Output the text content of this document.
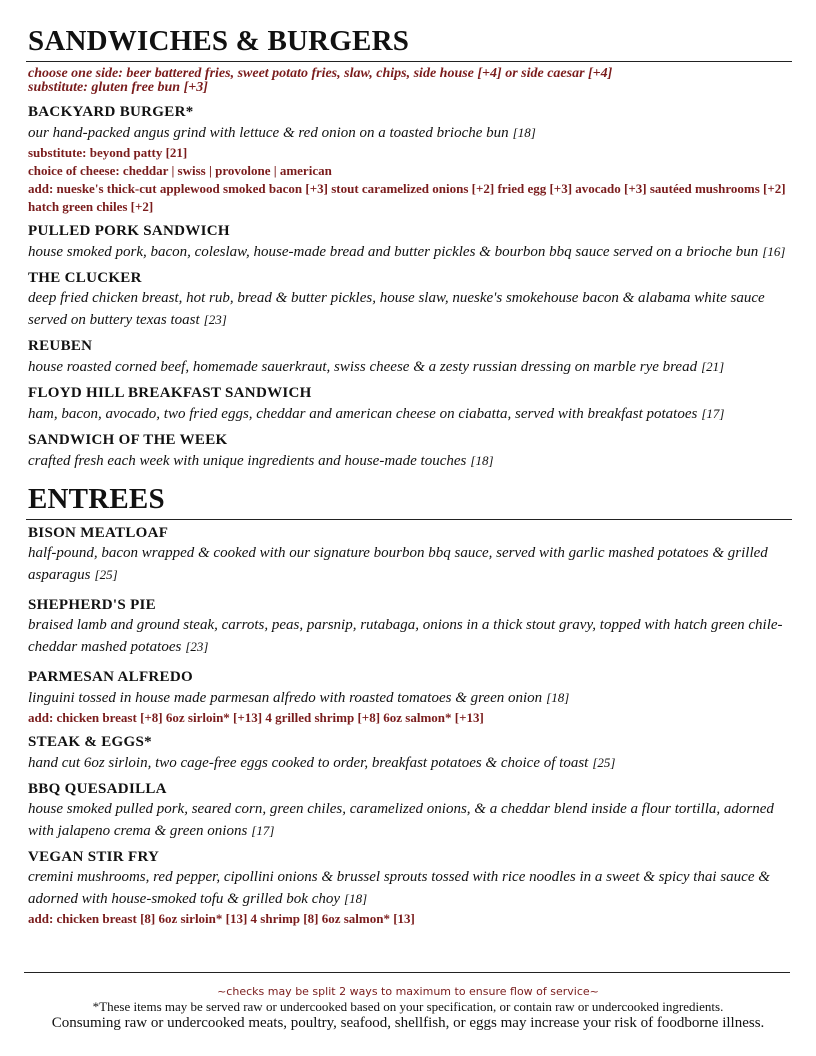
SANDWICHES & BURGERS
choose one side: beer battered fries, sweet potato fries, slaw, chips, side house [+4] or side caesar [+4]
substitute: gluten free bun [+3]
BACKYARD BURGER*
our hand-packed angus grind with lettuce & red onion on a toasted brioche bun [18]
substitute: beyond patty [21]
choice of cheese: cheddar | swiss | provolone | american
add: nueske's thick-cut applewood smoked bacon [+3] stout caramelized onions [+2] fried egg [+3] avocado [+3] sautéed mushrooms [+2] hatch green chiles [+2]
PULLED PORK SANDWICH
house smoked pork, bacon, coleslaw, house-made bread and butter pickles & bourbon bbq sauce served on a brioche bun [16]
THE CLUCKER
deep fried chicken breast, hot rub, bread & butter pickles, house slaw, nueske's smokehouse bacon & alabama white sauce served on buttery texas toast [23]
REUBEN
house roasted corned beef, homemade sauerkraut, swiss cheese & a zesty russian dressing on marble rye bread [21]
FLOYD HILL BREAKFAST SANDWICH
ham, bacon, avocado, two fried eggs, cheddar and american cheese on ciabatta, served with breakfast potatoes [17]
SANDWICH OF THE WEEK
crafted fresh each week with unique ingredients and house-made touches [18]
ENTREES
BISON MEATLOAF
half-pound, bacon wrapped & cooked with our signature bourbon bbq sauce, served with garlic mashed potatoes & grilled asparagus [25]
SHEPHERD'S PIE
braised lamb and ground steak, carrots, peas, parsnip, rutabaga, onions in a thick stout gravy, topped with hatch green chile-cheddar mashed potatoes [23]
PARMESAN ALFREDO
linguini tossed in house made parmesan alfredo with roasted tomatoes & green onion [18]
add: chicken breast [+8] 6oz sirloin* [+13] 4 grilled shrimp [+8] 6oz salmon* [+13]
STEAK & EGGS*
hand cut 6oz sirloin, two cage-free eggs cooked to order, breakfast potatoes & choice of toast [25]
BBQ QUESADILLA
house smoked pulled pork, seared corn, green chiles, caramelized onions, & a cheddar blend inside a flour tortilla, adorned with jalapeno crema & green onions [17]
VEGAN STIR FRY
cremini mushrooms, red pepper, cipollini onions & brussel sprouts tossed with rice noodles in a sweet & spicy thai sauce & adorned with house-smoked tofu & grilled bok choy [18]
add: chicken breast [8] 6oz sirloin* [13] 4 shrimp [8] 6oz salmon* [13]
~checks may be split 2 ways to maximum to ensure flow of service~
*These items may be served raw or undercooked based on your specification, or contain raw or undercooked ingredients.
Consuming raw or undercooked meats, poultry, seafood, shellfish, or eggs may increase your risk of foodborne illness.
